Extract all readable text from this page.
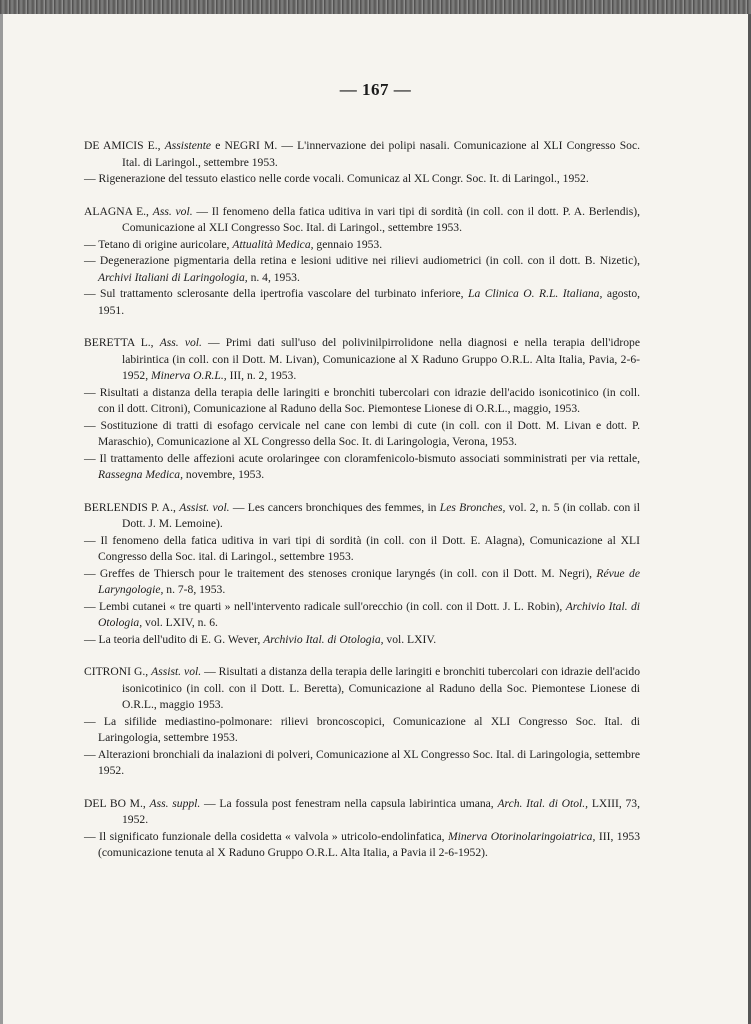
— 167 —

DE AMICIS E., Assistente e NEGRI M. — L'innervazione dei polipi nasali. Comunicazione al XLI Congresso Soc. Ital. di Laringol., settembre 1953.

— Rigenerazione del tessuto elastico nelle corde vocali. Comunicaz al XL Congr. Soc. It. di Laringol., 1952.

ALAGNA E., Ass. vol. — Il fenomeno della fatica uditiva in vari tipi di sordità (in coll. con il dott. P. A. Berlendis), Comunicazione al XLI Congresso Soc. Ital. di Laringol., settembre 1953.

— Tetano di origine auricolare, Attualità Medica, gennaio 1953.

— Degenerazione pigmentaria della retina e lesioni uditive nei rilievi audiometrici (in coll. con il dott. B. Nizetic), Archivi Italiani di Laringologia, n. 4, 1953.

— Sul trattamento sclerosante della ipertrofia vascolare del turbinato inferiore, La Clinica O. R.L. Italiana, agosto, 1951.

BERETTA L., Ass. vol. — Primi dati sull'uso del polivinilpirrolidone nella diagnosi e nella terapia dell'idrope labirintica (in coll. con il Dott. M. Livan), Comunicazione al X Raduno Gruppo O.R.L. Alta Italia, Pavia, 2-6-1952, Minerva O.R.L., III, n. 2, 1953.

— Risultati a distanza della terapia delle laringiti e bronchiti tubercolari con idrazie dell'acido isonicotinico (in coll. con il dott. Citroni), Comunicazione al Raduno della Soc. Piemontese Lionese di O.R.L., maggio, 1953.

— Sostituzione di tratti di esofago cervicale nel cane con lembi di cute (in coll. con il Dott. M. Livan e dott. P. Maraschio), Comunicazione al XL Congresso della Soc. It. di Laringologia, Verona, 1953.

— Il trattamento delle affezioni acute orolaringee con cloramfenicolo-bismuto associati somministrati per via rettale, Rassegna Medica, novembre, 1953.

BERLENDIS P. A., Assist. vol. — Les cancers bronchiques des femmes, in Les Bronches, vol. 2, n. 5 (in collab. con il Dott. J. M. Lemoine).

— Il fenomeno della fatica uditiva in vari tipi di sordità (in coll. con il Dott. E. Alagna), Comunicazione al XLI Congresso della Soc. ital. di Laringol., settembre 1953.

— Greffes de Thiersch pour le traitement des stenoses cronique laryngés (in coll. con il Dott. M. Negri), Révue de Laryngologie, n. 7-8, 1953.

— Lembi cutanei « tre quarti » nell'intervento radicale sull'orecchio (in coll. con il Dott. J. L. Robin), Archivio Ital. di Otologia, vol. LXIV, n. 6.

— La teoria dell'udito di E. G. Wever, Archivio Ital. di Otologia, vol. LXIV.

CITRONI G., Assist. vol. — Risultati a distanza della terapia delle laringiti e bronchiti tubercolari con idrazie dell'acido isonicotinico (in coll. con il Dott. L. Beretta), Comunicazione al Raduno della Soc. Piemontese Lionese di O.R.L., maggio 1953.

— La sifilide mediastino-polmonare: rilievi broncoscopici, Comunicazione al XLI Congresso Soc. Ital. di Laringologia, settembre 1953.

— Alterazioni bronchiali da inalazioni di polveri, Comunicazione al XL Congresso Soc. Ital. di Laringologia, settembre 1952.

DEL BO M., Ass. suppl. — La fossula post fenestram nella capsula labirintica umana, Arch. Ital. di Otol., LXIII, 73, 1952.

— Il significato funzionale della cosidetta « valvola » utricolo-endolinfatica, Minerva Otorinolaringoiatrica, III, 1953 (comunicazione tenuta al X Raduno Gruppo O.R.L. Alta Italia, a Pavia il 2-6-1952).
